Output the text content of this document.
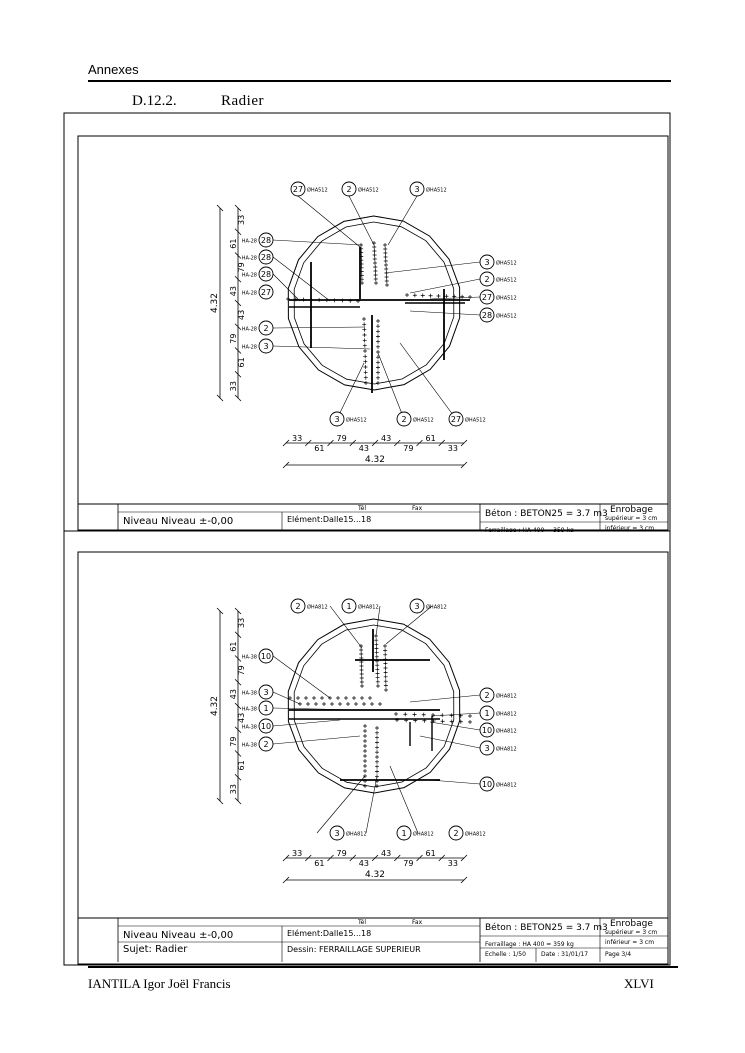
Annexes
D.12.2.	Radier
27 ØHA512 2 ØHA512	3 ØHA512
3 ØHA512	2 ØHA512 27 ØHA512
3 ØHA512
2 ØHA512
27 ØHA512
28 ØHA512
28
HA-28
28
HA-28
28
HA-28
27
HA-28
2
HA-28
3
HA-28
4.32
33
61
79
43
43
79
61
33
33
61
79
43
43
79
61
33
4.32
Tél	Fax
Niveau Niveau ±-0,00	Elément:Dalle15...18
Béton : BETON25 = 3.7 m3
Ferraillage : HA 400 = 359 kg
Enrobage
supérieur = 3 cm
inférieur = 3 cm
2 ØHA812 1 ØHA812	3 ØHA812
3 ØHA812	1 ØHA812 2 ØHA812
2 ØHA812
1 ØHA812
10 ØHA812
3 ØHA812
10 ØHA812
10
HA-38
3
HA-38
1
HA-38
10
HA-38
2
HA-38
4.32
33
61
79
43
43
79
61
33
33
61
79
43
43
79
61
33
4.32
Tél	Fax
Niveau Niveau ±-0,00	Elément:Dalle15...18
Béton : BETON25 = 3.7 m3
Ferraillage : HA 400 = 359 kg
Enrobage
supérieur = 3 cm
inférieur = 3 cm
Sujet: Radier	Dessin: FERRAILLAGE SUPERIEUR
Echelle : 1/50	Date : 31/01/17	Page 3/4
IANTILA Igor Joël Francis	XLVI
